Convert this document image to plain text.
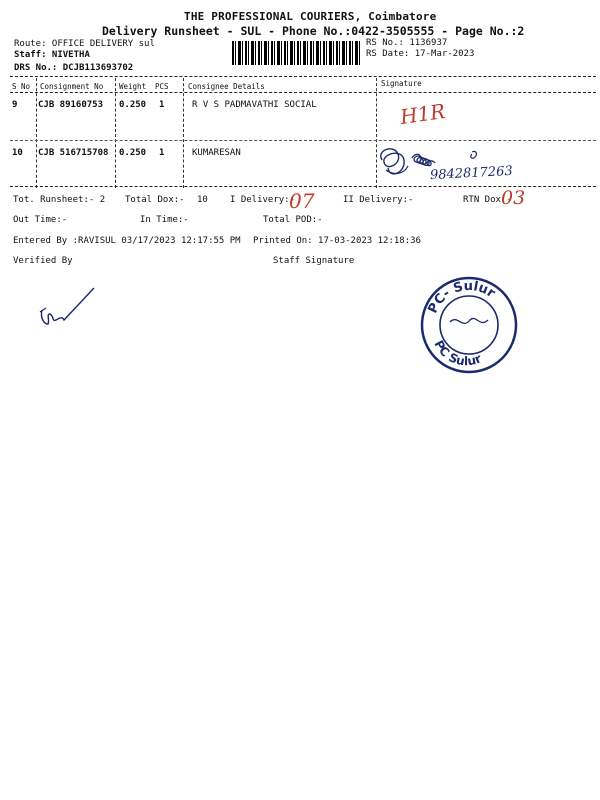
THE PROFESSIONAL COURIERS, Coimbatore
Delivery Runsheet - SUL - Phone No.:0422-3505555 - Page No.:2
Route: OFFICE DELIVERY sul
Staff: NIVETHA
DRS No.: DCJB113693702
RS No.: 1136937
RS Date: 17-Mar-2023
S No Consignment No Weight PCS	Consignee Details	Signature
9 CJB 89160753 0.250 1	R V S PADMAVATHI SOCIAL	H1R
10 CJB 516715708 0.250 1	KUMARESAN
9842817263
Tot. Runsheet:- 2 Total Dox:- 10 I Delivery:-
07	II Delivery:-	RTN Dox:-
03
Out Time:-	In Time:-	Total POD:-
Entered By :RAVISUL 03/17/2023 12:17:55 PM Printed On: 17-03-2023 12:18:36
Verified By	Staff Signature
PC- Sulur
PC Sulur
